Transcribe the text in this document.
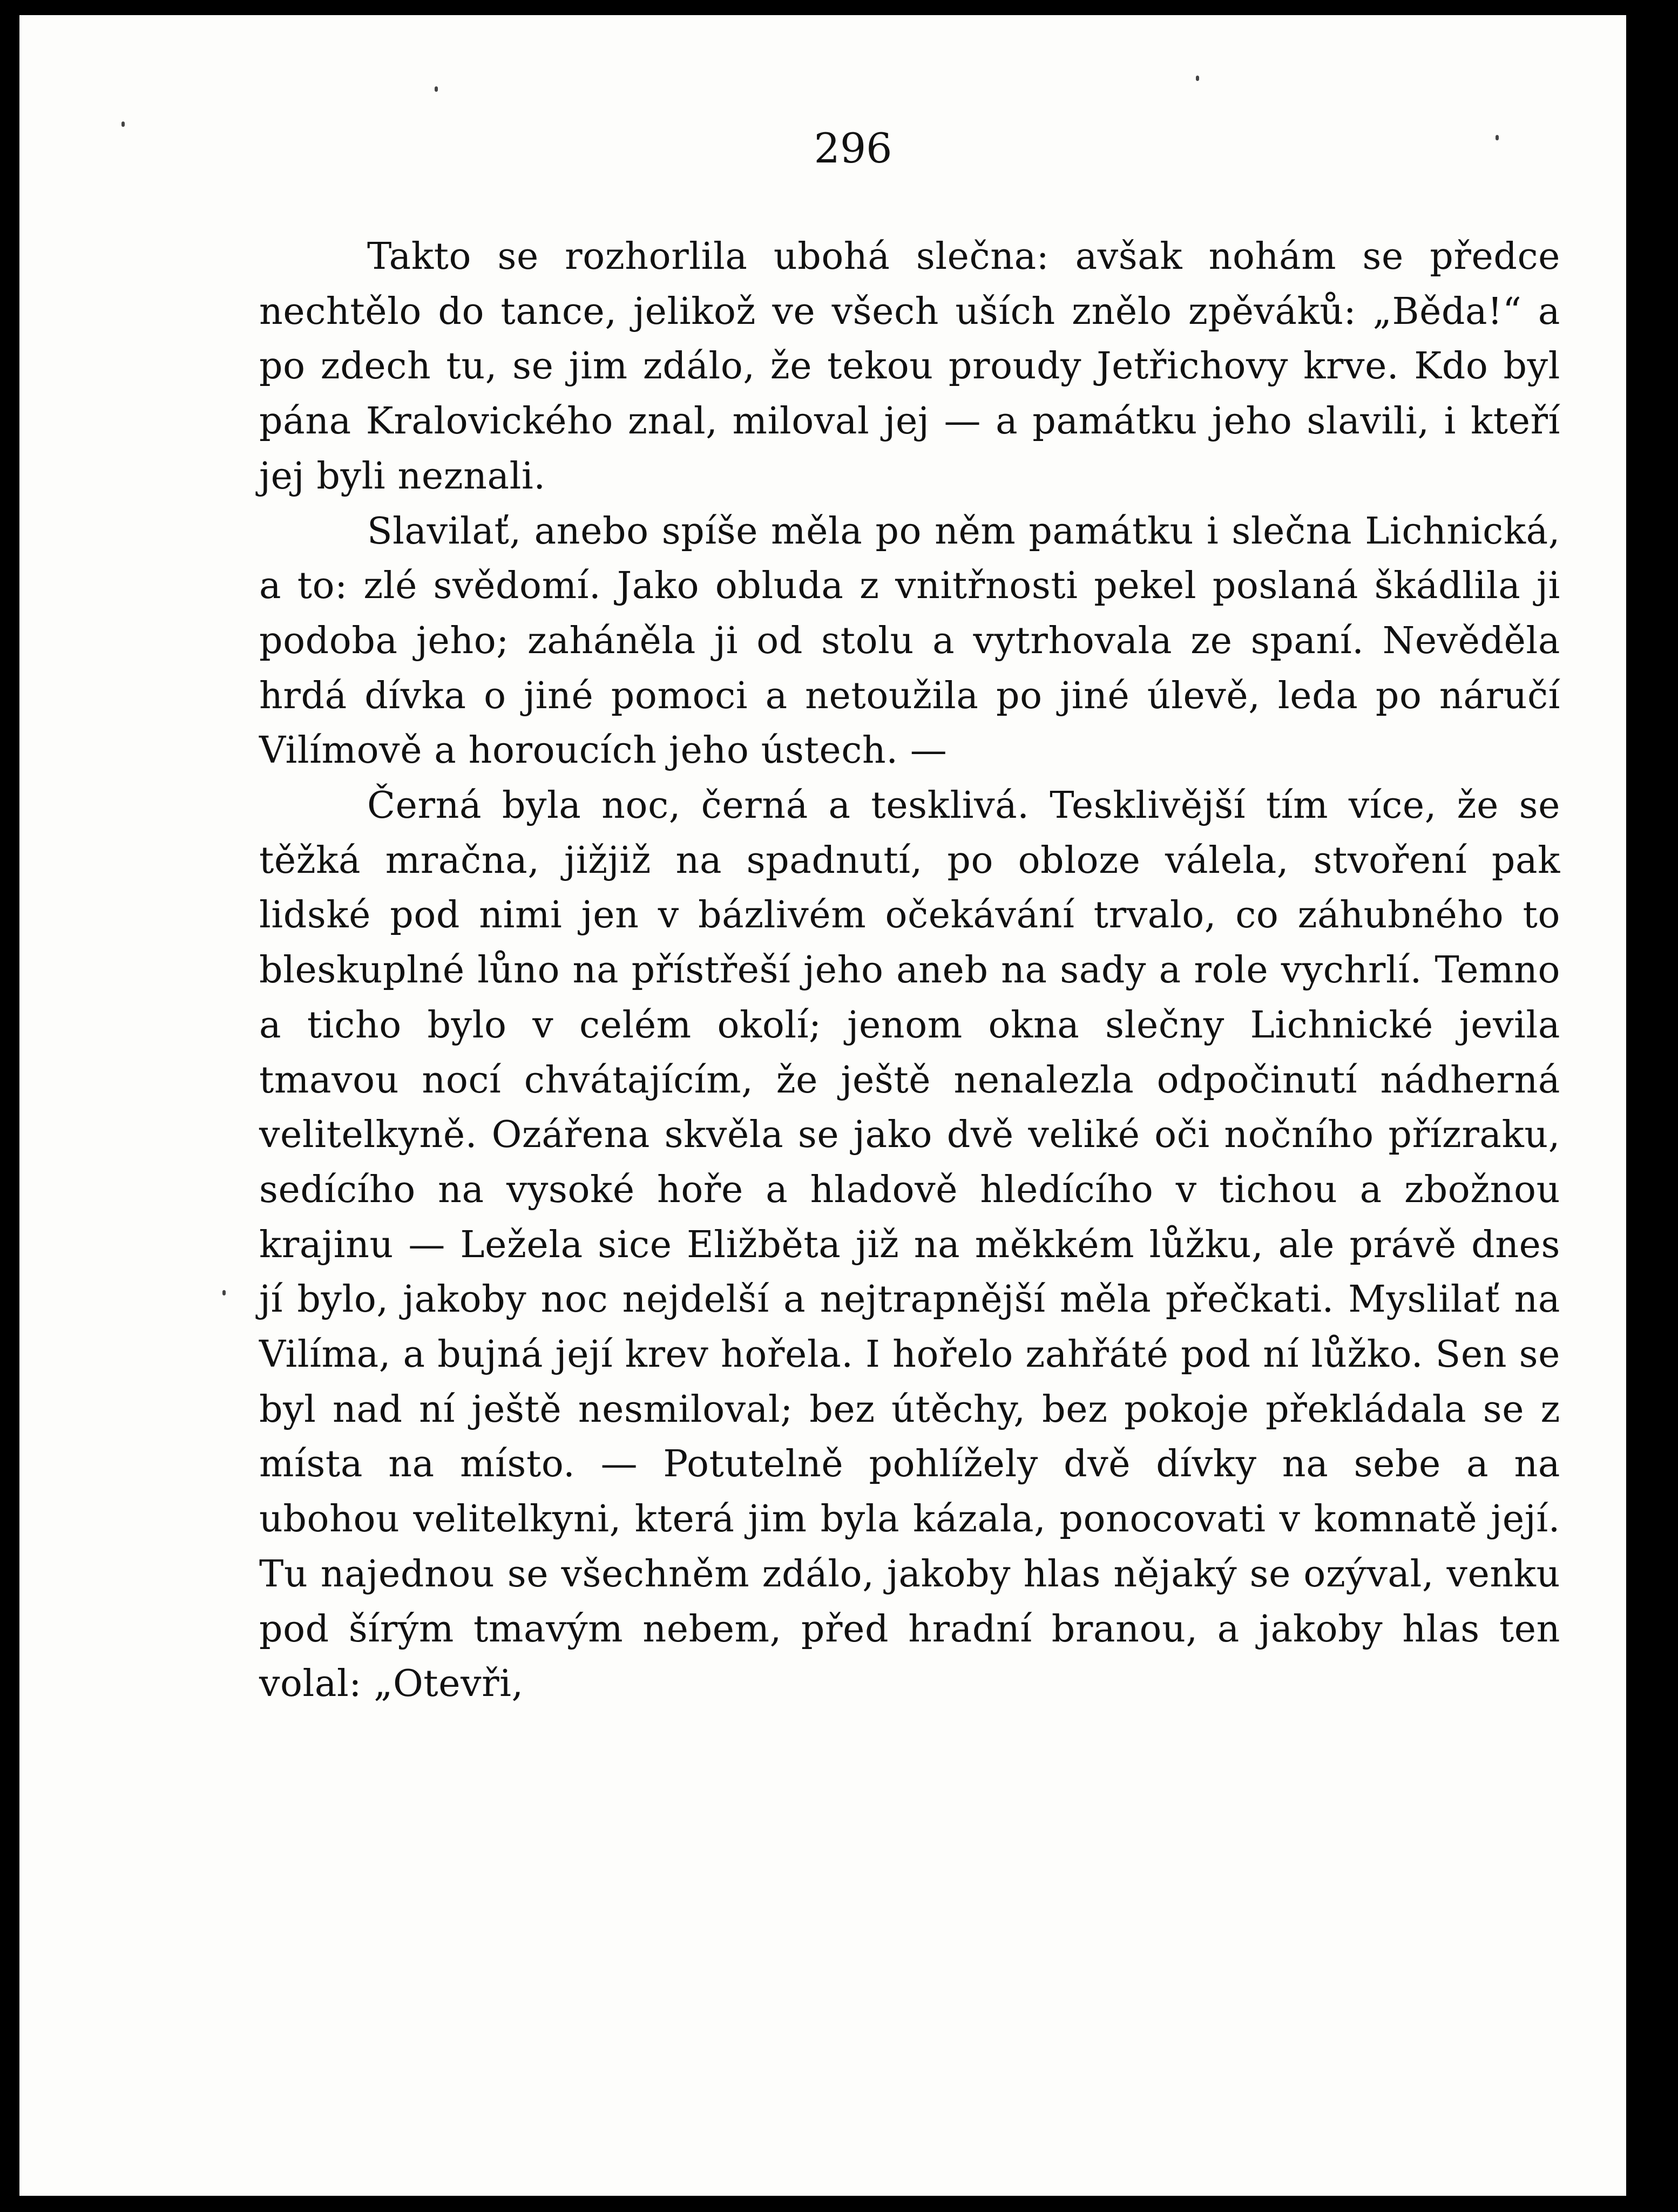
296

Takto se rozhorlila ubohá slečna: avšak nohám se předce nechtělo do tance, jelikož ve všech uších znělo zpěváků: „Běda!“ a po zdech tu, se jim zdálo, že tekou proudy Jetřichovy krve. Kdo byl pána Kralovického znal, miloval jej — a památku jeho slavili, i kteří jej byli neznali.

Slavilať, anebo spíše měla po něm památku i slečna Lichnická, a to: zlé svědomí. Jako obluda z vnitřnosti pekel poslaná škádlila ji podoba jeho; zaháněla ji od stolu a vytrhovala ze spaní. Nevěděla hrdá dívka o jiné pomoci a netoužila po jiné úlevě, leda po náručí Vilímově a horoucích jeho ústech. —

Černá byla noc, černá a tesklivá. Tesklivější tím více, že se těžká mračna, jižjiž na spadnutí, po obloze válela, stvoření pak lidské pod nimi jen v bázlivém očekávání trvalo, co záhubného to bleskuplné lůno na přístřeší jeho aneb na sady a role vychrlí. Temno a ticho bylo v celém okolí; jenom okna slečny Lichnické jevila tmavou nocí chvátajícím, že ještě nenalezla odpočinutí nádherná velitelkyně. Ozářena skvěla se jako dvě veliké oči nočního přízraku, sedícího na vysoké hoře a hladově hledícího v tichou a zbožnou krajinu — Ležela sice Eližběta již na měkkém lůžku, ale právě dnes jí bylo, jakoby noc nejdelší a nejtrapnější měla přečkati. Myslilať na Vilíma, a bujná její krev hořela. I hořelo zahřáté pod ní lůžko. Sen se byl nad ní ještě nesmiloval; bez útěchy, bez pokoje překládala se z místa na místo. — Potutelně pohlížely dvě dívky na sebe a na ubohou velitelkyni, která jim byla kázala, ponocovati v komnatě její. Tu najednou se všechněm zdálo, jakoby hlas nějaký se ozýval, venku pod šírým tmavým nebem, před hradní branou, a jakoby hlas ten volal: „Otevři,
